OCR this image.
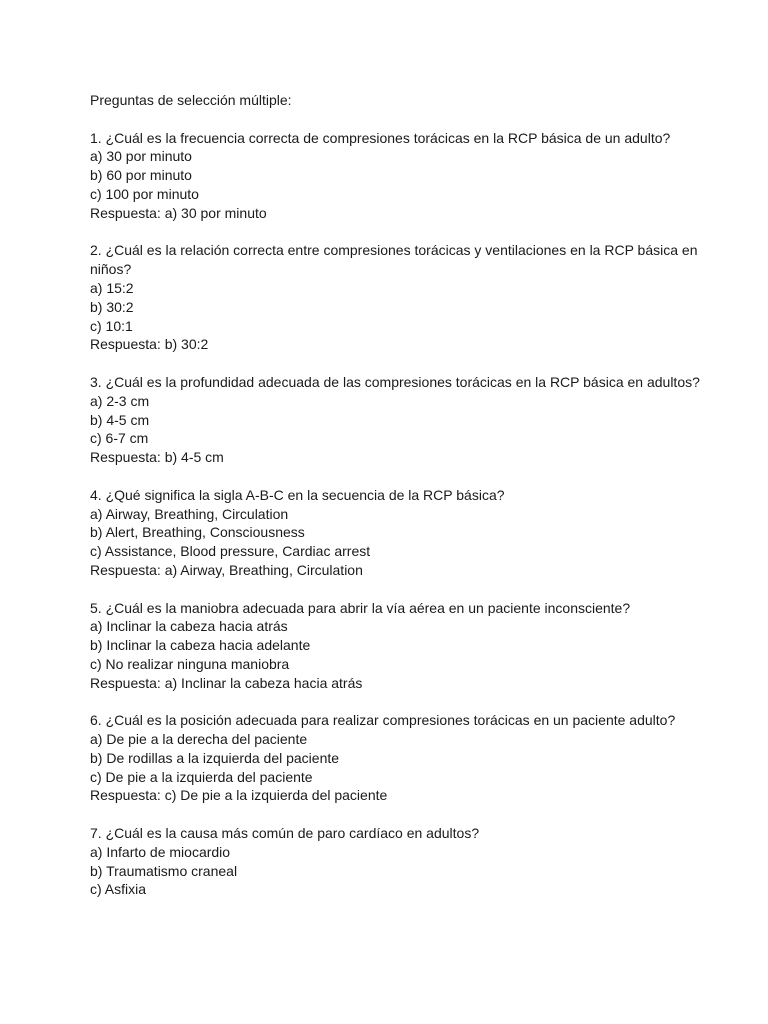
Preguntas de selección múltiple:
1. ¿Cuál es la frecuencia correcta de compresiones torácicas en la RCP básica de un adulto?
a) 30 por minuto
b) 60 por minuto
c) 100 por minuto
Respuesta: a) 30 por minuto
2. ¿Cuál es la relación correcta entre compresiones torácicas y ventilaciones en la RCP básica en niños?
a) 15:2
b) 30:2
c) 10:1
Respuesta: b) 30:2
3. ¿Cuál es la profundidad adecuada de las compresiones torácicas en la RCP básica en adultos?
a) 2-3 cm
b) 4-5 cm
c) 6-7 cm
Respuesta: b) 4-5 cm
4. ¿Qué significa la sigla A-B-C en la secuencia de la RCP básica?
a) Airway, Breathing, Circulation
b) Alert, Breathing, Consciousness
c) Assistance, Blood pressure, Cardiac arrest
Respuesta: a) Airway, Breathing, Circulation
5. ¿Cuál es la maniobra adecuada para abrir la vía aérea en un paciente inconsciente?
a) Inclinar la cabeza hacia atrás
b) Inclinar la cabeza hacia adelante
c) No realizar ninguna maniobra
Respuesta: a) Inclinar la cabeza hacia atrás
6. ¿Cuál es la posición adecuada para realizar compresiones torácicas en un paciente adulto?
a) De pie a la derecha del paciente
b) De rodillas a la izquierda del paciente
c) De pie a la izquierda del paciente
Respuesta: c) De pie a la izquierda del paciente
7. ¿Cuál es la causa más común de paro cardíaco en adultos?
a) Infarto de miocardio
b) Traumatismo craneal
c) Asfixia
